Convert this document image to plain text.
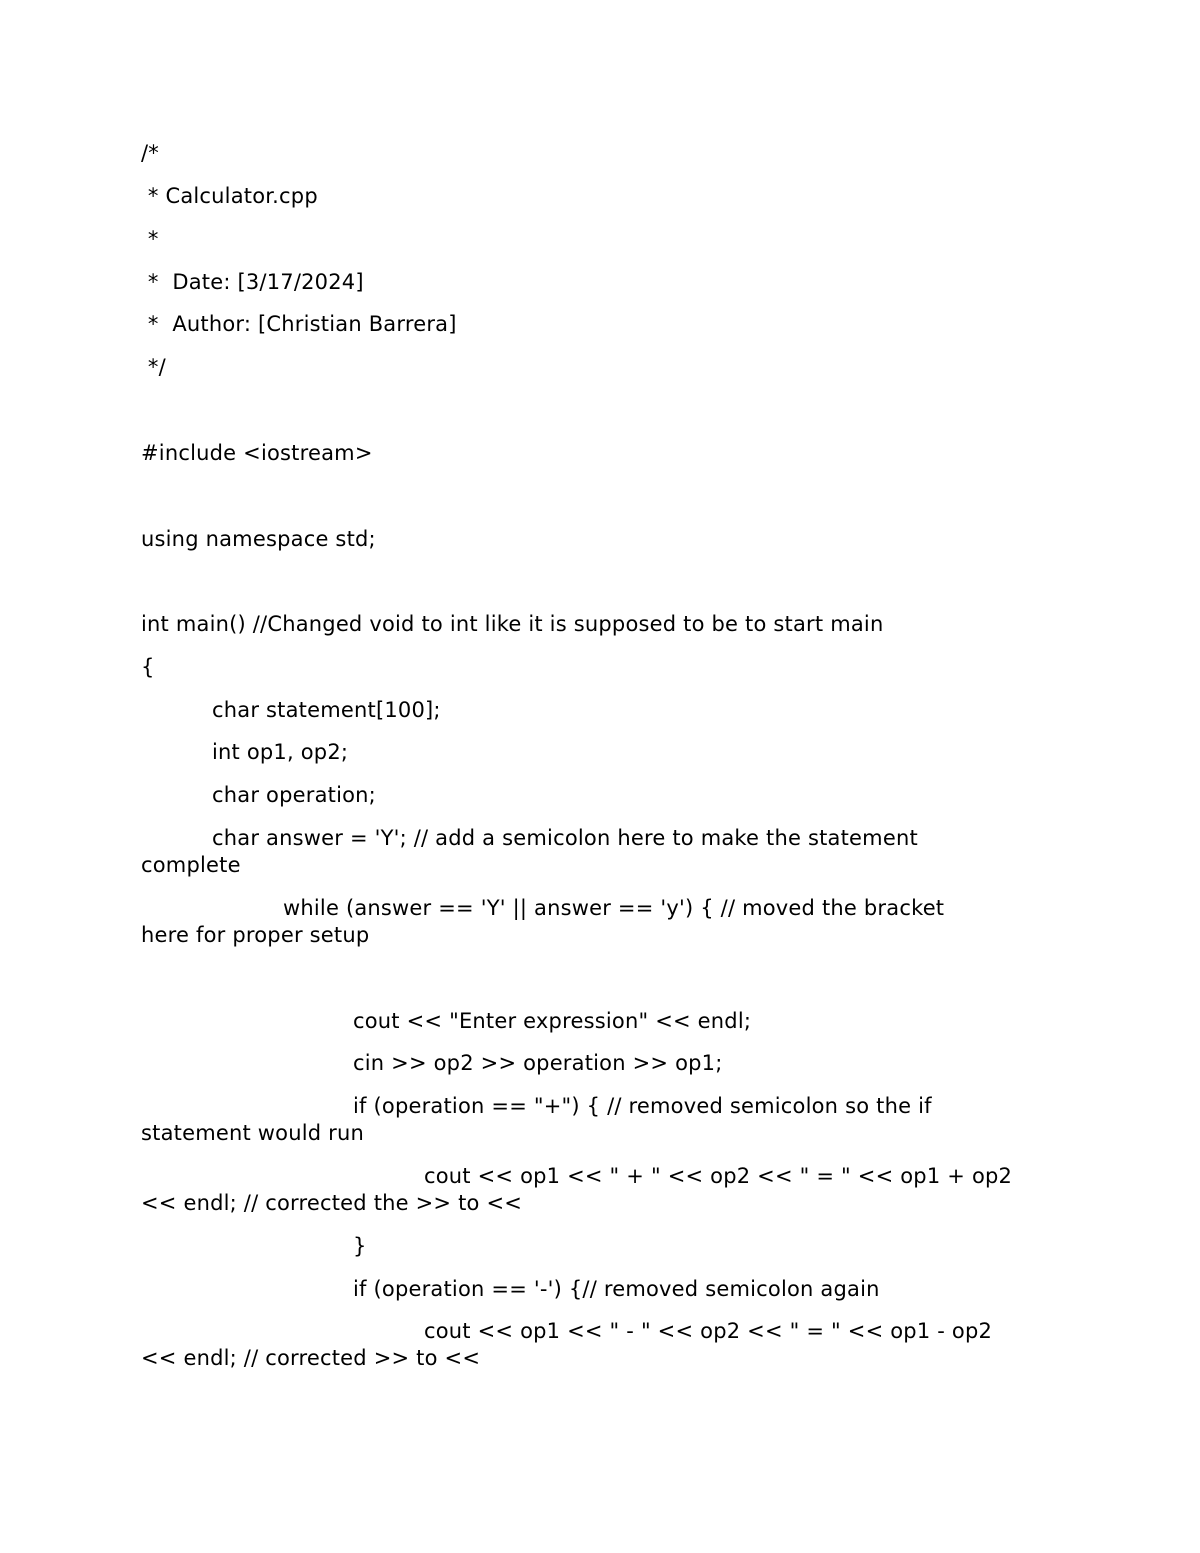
/*
* Calculator.cpp
*
*  Date: [3/17/2024]
*  Author: [Christian Barrera]
*/
#include <iostream>
using namespace std;
int main() //Changed void to int like it is supposed to be to start main
{
char statement[100];
int op1, op2;
char operation;
char answer = 'Y'; // add a semicolon here to make the statement
complete
while (answer == 'Y' || answer == 'y') { // moved the bracket
here for proper setup
cout << "Enter expression" << endl;
cin >> op2 >> operation >> op1;
if (operation == "+") { // removed semicolon so the if
statement would run
cout << op1 << " + " << op2 << " = " << op1 + op2
<< endl; // corrected the >> to <<
}
if (operation == '-') {// removed semicolon again
cout << op1 << " - " << op2 << " = " << op1 - op2
<< endl; // corrected >> to <<
